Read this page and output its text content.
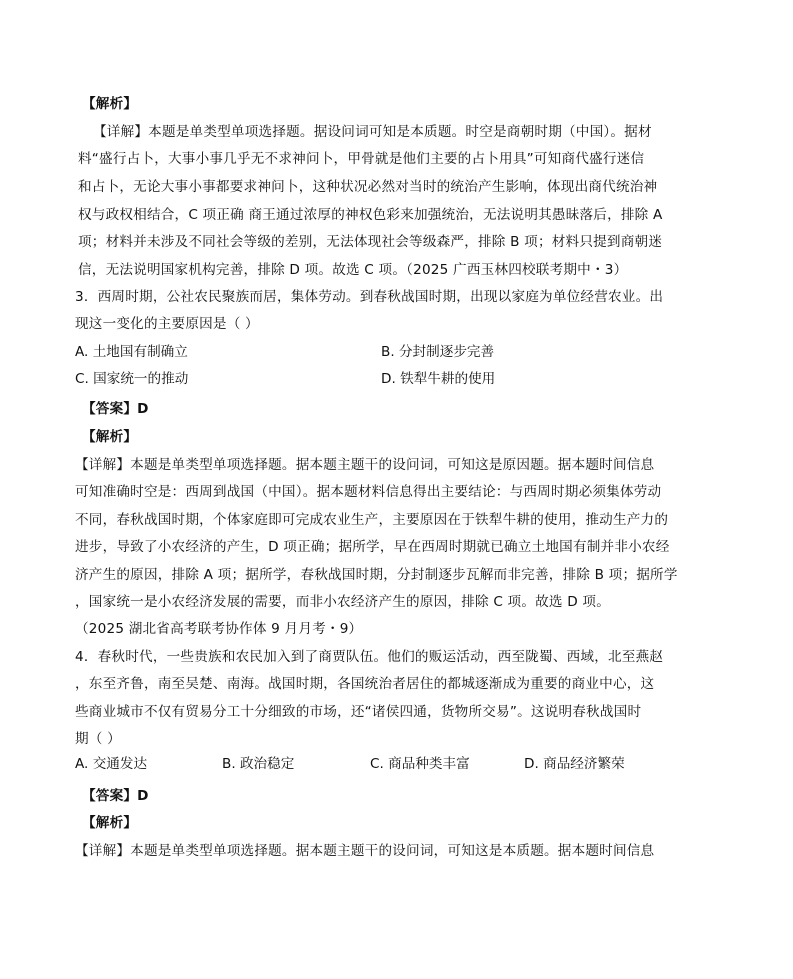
【解析】
【详解】本题是单类型单项选择题。据设问词可知是本质题。时空是商朝时期（中国）。据材
料“盛行占卜，大事小事几乎无不求神问卜，甲骨就是他们主要的占卜用具”可知商代盛行迷信
和占卜，无论大事小事都要求神问卜，这种状况必然对当时的统治产生影响，体现出商代统治神
权与政权相结合，C 项正确 商王通过浓厚的神权色彩来加强统治，无法说明其愚昧落后，排除 A
项；材料并未涉及不同社会等级的差别，无法体现社会等级森严，排除 B 项；材料只提到商朝迷
信，无法说明国家机构完善，排除 D 项。故选 C 项。（2025 广西玉林四校联考期中・3）
3．西周时期，公社农民聚族而居，集体劳动。到春秋战国时期，出现以家庭为单位经营农业。出
现这一变化的主要原因是（ ）
A. 土地国有制确立	B. 分封制逐步完善
C. 国家统一的推动	D. 铁犁牛耕的使用
【答案】D
【解析】
【详解】本题是单类型单项选择题。据本题主题干的设问词，可知这是原因题。据本题时间信息
可知准确时空是：西周到战国（中国）。据本题材料信息得出主要结论：与西周时期必须集体劳动
不同，春秋战国时期，个体家庭即可完成农业生产，主要原因在于铁犁牛耕的使用，推动生产力的
进步，导致了小农经济的产生，D 项正确；据所学，早在西周时期就已确立土地国有制并非小农经
济产生的原因，排除 A 项；据所学，春秋战国时期，分封制逐步瓦解而非完善，排除 B 项；据所学
，国家统一是小农经济发展的需要，而非小农经济产生的原因，排除 C 项。故选 D 项。
（2025 湖北省高考联考协作体 9 月月考・9）
4．春秋时代，一些贵族和农民加入到了商贾队伍。他们的贩运活动，西至陇蜀、西域，北至燕赵
，东至齐鲁，南至吴楚、南海。战国时期，各国统治者居住的都城逐渐成为重要的商业中心，这
些商业城市不仅有贸易分工十分细致的市场，还“诸侯四通，货物所交易”。这说明春秋战国时
期（ ）
A. 交通发达	B. 政治稳定	C. 商品种类丰富	D. 商品经济繁荣
【答案】D
【解析】
【详解】本题是单类型单项选择题。据本题主题干的设问词，可知这是本质题。据本题时间信息
